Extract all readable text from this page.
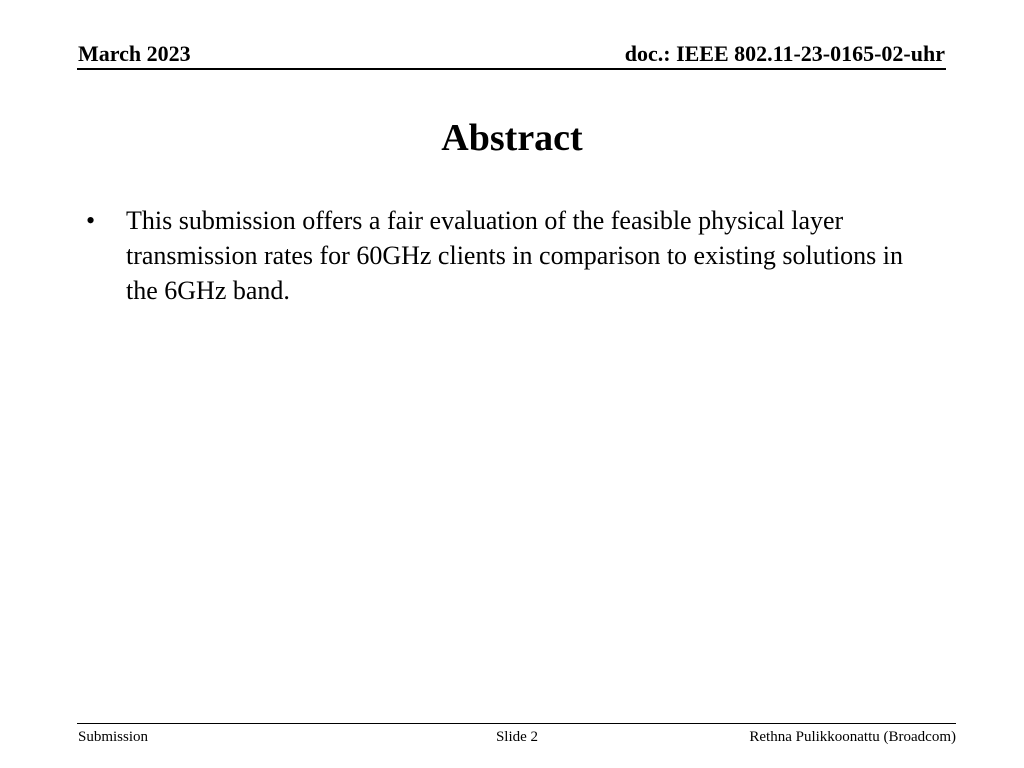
March 2023	doc.: IEEE 802.11-23-0165-02-uhr
Abstract
•	This submission offers a fair evaluation of the feasible physical layer transmission rates for 60GHz clients in comparison to existing solutions in the 6GHz band.
Submission	Slide 2	Rethna Pulikkoonattu (Broadcom)
